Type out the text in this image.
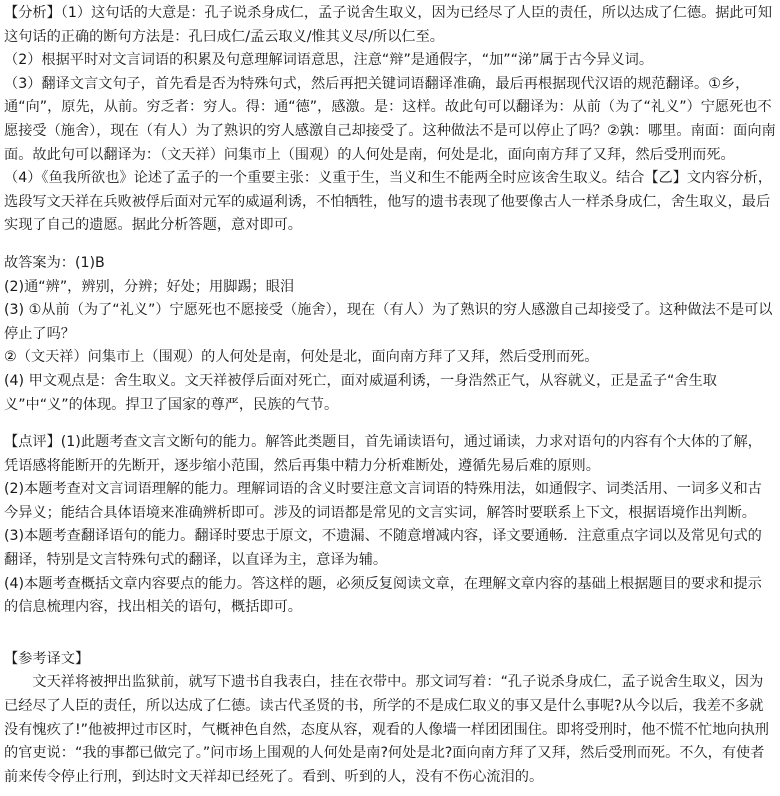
【分析】（1）这句话的大意是：孔子说杀身成仁，孟子说舍生取义，因为已经尽了人臣的责任，所以达成了仁德。据此可知这句话的正确的断句方法是：孔曰成仁/孟云取义/惟其义尽/所以仁至。

（2）根据平时对文言词语的积累及句意理解词语意思，注意“辩”是通假字，“加”“涕”属于古今异义词。

（3）翻译文言文句子，首先看是否为特殊句式，然后再把关键词语翻译准确，最后再根据现代汉语的规范翻译。①乡，通“向”，原先，从前。穷乏者：穷人。得：通“德”，感激。是：这样。故此句可以翻译为：从前（为了“礼义”）宁愿死也不愿接受（施舍），现在（有人）为了熟识的穷人感激自己却接受了。这种做法不是可以停止了吗？②孰：哪里。南面：面向南面。故此句可以翻译为：（文天祥）问集市上（围观）的人何处是南，何处是北，面向南方拜了又拜，然后受刑而死。

（4）《鱼我所欲也》论述了孟子的一个重要主张：义重于生，当义和生不能两全时应该舍生取义。结合【乙】文内容分析，选段写文天祥在兵败被俘后面对元军的威逼利诱，不怕牺牲，他写的遗书表现了他要像古人一样杀身成仁，舍生取义，最后实现了自己的遗愿。据此分析答题，意对即可。

故答案为：(1)B

(2)通“辨”，辨别，分辨；好处；用脚踢；眼泪

(3) ①从前（为了“礼义”）宁愿死也不愿接受（施舍），现在（有人）为了熟识的穷人感激自己却接受了。这种做法不是可以停止了吗？

②（文天祥）问集市上（围观）的人何处是南，何处是北，面向南方拜了又拜，然后受刑而死。

(4) 甲文观点是：舍生取义。文天祥被俘后面对死亡，面对威逼利诱，一身浩然正气，从容就义，正是孟子“舍生取义”中“义”的体现。捍卫了国家的尊严，民族的气节。

【点评】(1)此题考查文言文断句的能力。解答此类题目，首先诵读语句，通过诵读，力求对语句的内容有个大体的了解，凭语感将能断开的先断开，逐步缩小范围，然后再集中精力分析难断处，遵循先易后难的原则。

(2)本题考查对文言词语理解的能力。理解词语的含义时要注意文言词语的特殊用法，如通假字、词类活用、一词多义和古今异义；能结合具体语境来准确辨析即可。涉及的词语都是常见的文言实词，解答时要联系上下文，根据语境作出判断。

(3)本题考查翻译语句的能力。翻译时要忠于原文，不遗漏、不随意增减内容，译文要通畅．注意重点字词以及常见句式的翻译，特别是文言特殊句式的翻译，以直译为主，意译为辅。

(4)本题考查概括文章内容要点的能力。答这样的题，必须反复阅读文章，在理解文章内容的基础上根据题目的要求和提示的信息梳理内容，找出相关的语句，概括即可。

【参考译文】

文天祥将被押出监狱前，就写下遗书自我表白，挂在衣带中。那文词写着：“孔子说杀身成仁，孟子说舍生取义，因为已经尽了人臣的责任，所以达成了仁德。读古代圣贤的书，所学的不是成仁取义的事又是什么事呢?从今以后，我差不多就没有愧疚了!”他被押过市区时，气概神色自然，态度从容，观看的人像墙一样团团围住。即将受刑时，他不慌不忙地向执刑的官吏说：“我的事都已做完了。”问市场上围观的人何处是南?何处是北?面向南方拜了又拜，然后受刑而死。不久，有使者前来传令停止行刑，到达时文天祥却已经死了。看到、听到的人，没有不伤心流泪的。
